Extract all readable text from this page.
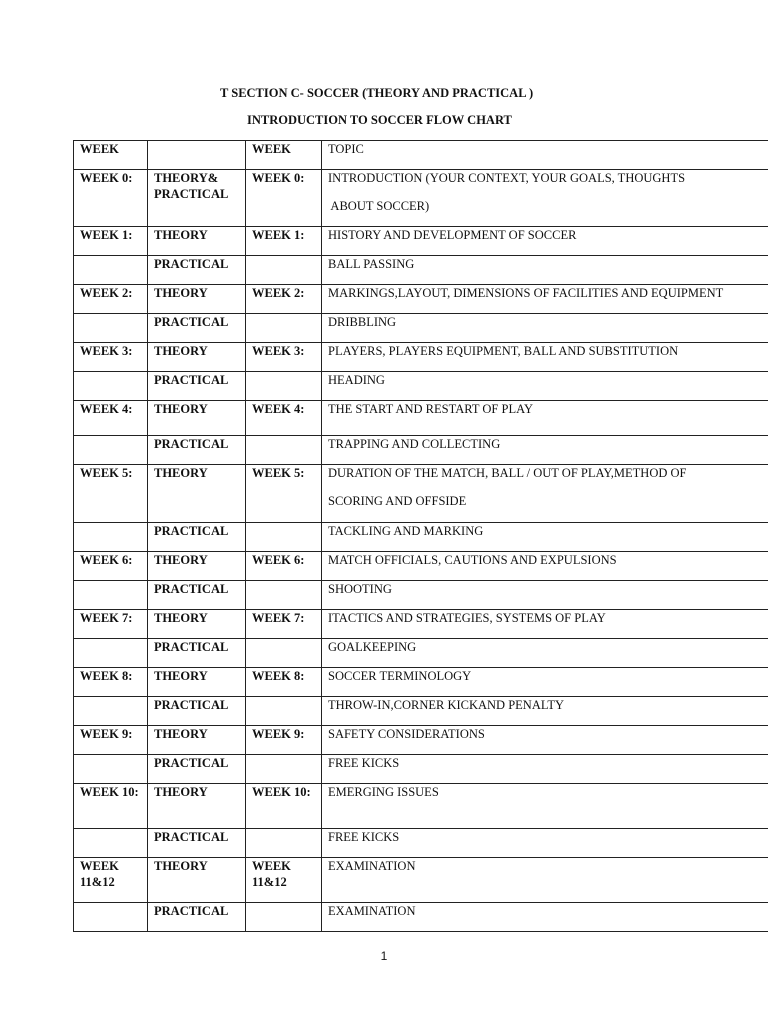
T SECTION C- SOCCER (THEORY AND PRACTICAL )
INTRODUCTION TO SOCCER FLOW CHART
WEEK		WEEK	TOPIC
WEEK 0:	THEORY& PRACTICAL	WEEK 0:	INTRODUCTION (YOUR CONTEXT, YOUR GOALS, THOUGHTS
ABOUT SOCCER)

WEEK 1:	THEORY	WEEK 1:	HISTORY AND DEVELOPMENT OF SOCCER

	PRACTICAL		BALL PASSING

WEEK 2:	THEORY	WEEK 2:	MARKINGS,LAYOUT, DIMENSIONS OF FACILITIES AND EQUIPMENT

	PRACTICAL		DRIBBLING

WEEK 3:	THEORY	WEEK 3:	PLAYERS, PLAYERS EQUIPMENT, BALL AND SUBSTITUTION

	PRACTICAL		HEADING

WEEK 4:	THEORY	WEEK 4:	THE START AND RESTART OF PLAY

	PRACTICAL		TRAPPING AND COLLECTING

WEEK 5:	THEORY	WEEK 5:	DURATION OF THE MATCH, BALL / OUT OF PLAY,METHOD OF
SCORING AND OFFSIDE

	PRACTICAL		TACKLING AND MARKING

WEEK 6:	THEORY	WEEK 6:	MATCH OFFICIALS, CAUTIONS AND EXPULSIONS

	PRACTICAL		SHOOTING

WEEK 7:	THEORY	WEEK 7:	ITACTICS AND STRATEGIES, SYSTEMS OF PLAY

	PRACTICAL		GOALKEEPING

WEEK 8:	THEORY	WEEK 8:	SOCCER TERMINOLOGY

	PRACTICAL		THROW-IN,CORNER KICKAND PENALTY

WEEK 9:	THEORY	WEEK 9:	SAFETY CONSIDERATIONS

	PRACTICAL		FREE KICKS

WEEK 10:	THEORY	WEEK 10:	EMERGING ISSUES

	PRACTICAL		FREE KICKS

WEEK 11&12	THEORY	WEEK 11&12	EXAMINATION

	PRACTICAL		EXAMINATION
1
